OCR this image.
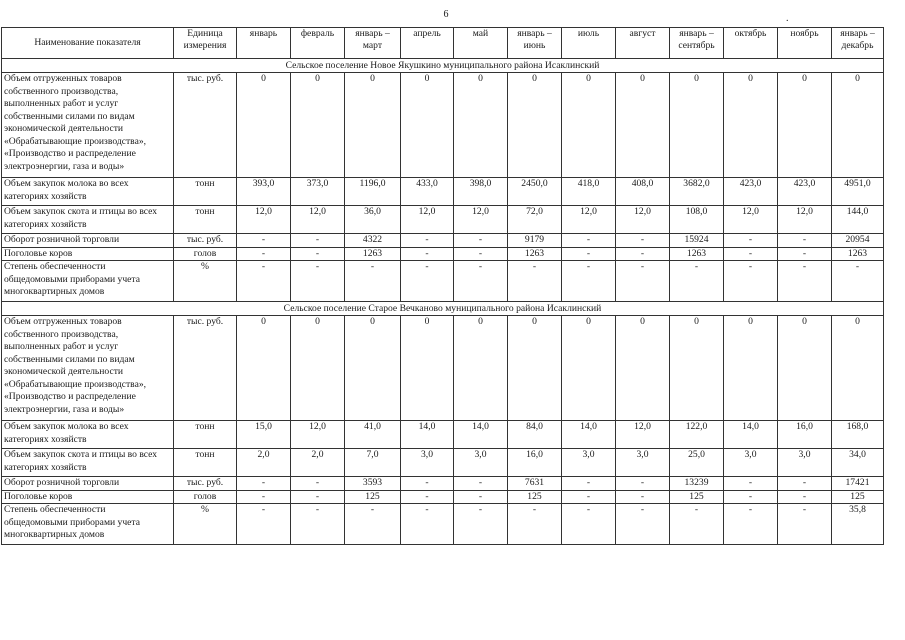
6	.
Наименование показателя	Единица измерения	январь	февраль	январь – март	апрель	май	январь – июнь	июль	август	январь – сентябрь	октябрь	ноябрь	январь – декабрь
Сельское поселение Новое Якушкино муниципального района Исаклинский													
Объем отгруженных товаров собственного производства, выполненных работ и услуг собственными силами по видам экономической деятельности «Обрабатывающие производства», «Производство и распределение электроэнергии, газа и воды»	тыс. руб.	0	0	0	0	0	0	0	0	0	0	0	0
Объем закупок молока во всех категориях хозяйств	тонн	393,0	373,0	1196,0	433,0	398,0	2450,0	418,0	408,0	3682,0	423,0	423,0	4951,0
Объем закупок скота и птицы во всех категориях хозяйств	тонн	12,0	12,0	36,0	12,0	12,0	72,0	12,0	12,0	108,0	12,0	12,0	144,0
Оборот розничной торговли	тыс. руб.	-	-	4322	-	-	9179	-	-	15924	-	-	20954
Поголовье коров	голов	-	-	1263	-	-	1263	-	-	1263	-	-	1263
Степень обеспеченности общедомовыми приборами учета многоквартирных домов	%	-	-	-	-	-	-	-	-	-	-	-	-
Сельское поселение Старое Вечканово муниципального района Исаклинский													
Объем отгруженных товаров собственного производства, выполненных работ и услуг собственными силами по видам экономической деятельности «Обрабатывающие производства», «Производство и распределение электроэнергии, газа и воды»	тыс. руб.	0	0	0	0	0	0	0	0	0	0	0	0
Объем закупок молока во всех категориях хозяйств	тонн	15,0	12,0	41,0	14,0	14,0	84,0	14,0	12,0	122,0	14,0	16,0	168,0
Объем закупок скота и птицы во всех категориях хозяйств	тонн	2,0	2,0	7,0	3,0	3,0	16,0	3,0	3,0	25,0	3,0	3,0	34,0
Оборот розничной торговли	тыс. руб.	-	-	3593	-	-	7631	-	-	13239	-	-	17421
Поголовье коров	голов	-	-	125	-	-	125	-	-	125	-	-	125
Степень обеспеченности общедомовыми приборами учета многоквартирных домов	%	-	-	-	-	-	-	-	-	-	-	-	35,8
